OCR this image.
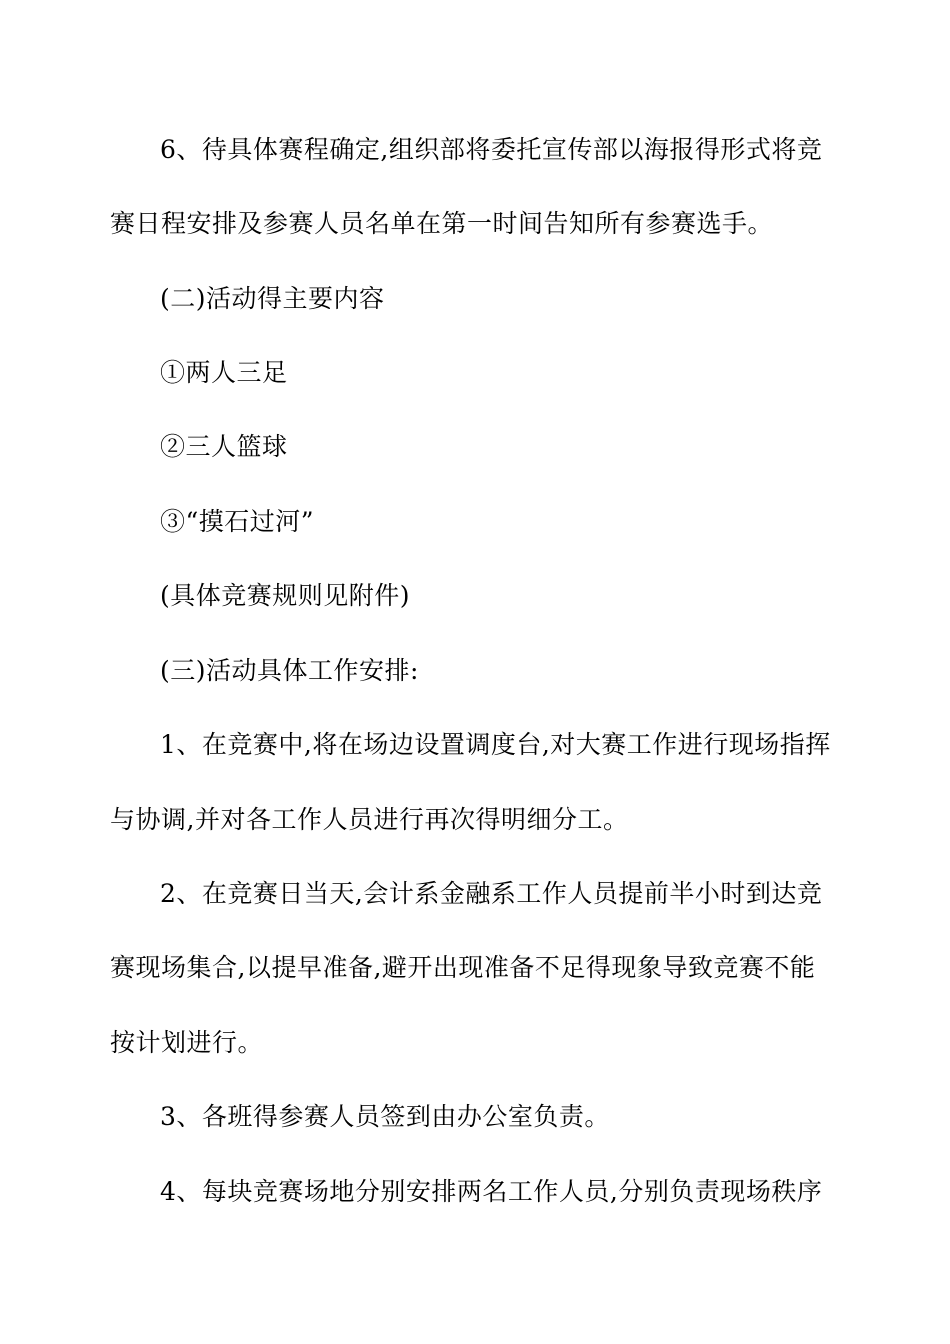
6、待具体赛程确定,组织部将委托宣传部以海报得形式将竞
赛日程安排及参赛人员名单在第一时间告知所有参赛选手。
(二)活动得主要内容
①两人三足
②三人篮球
③“摸石过河”
(具体竞赛规则见附件)
(三)活动具体工作安排:
1、在竞赛中,将在场边设置调度台,对大赛工作进行现场指挥
与协调,并对各工作人员进行再次得明细分工。
2、在竞赛日当天,会计系金融系工作人员提前半小时到达竞
赛现场集合,以提早准备,避开出现准备不足得现象导致竞赛不能
按计划进行。
3、各班得参赛人员签到由办公室负责。
4、每块竞赛场地分别安排两名工作人员,分别负责现场秩序
